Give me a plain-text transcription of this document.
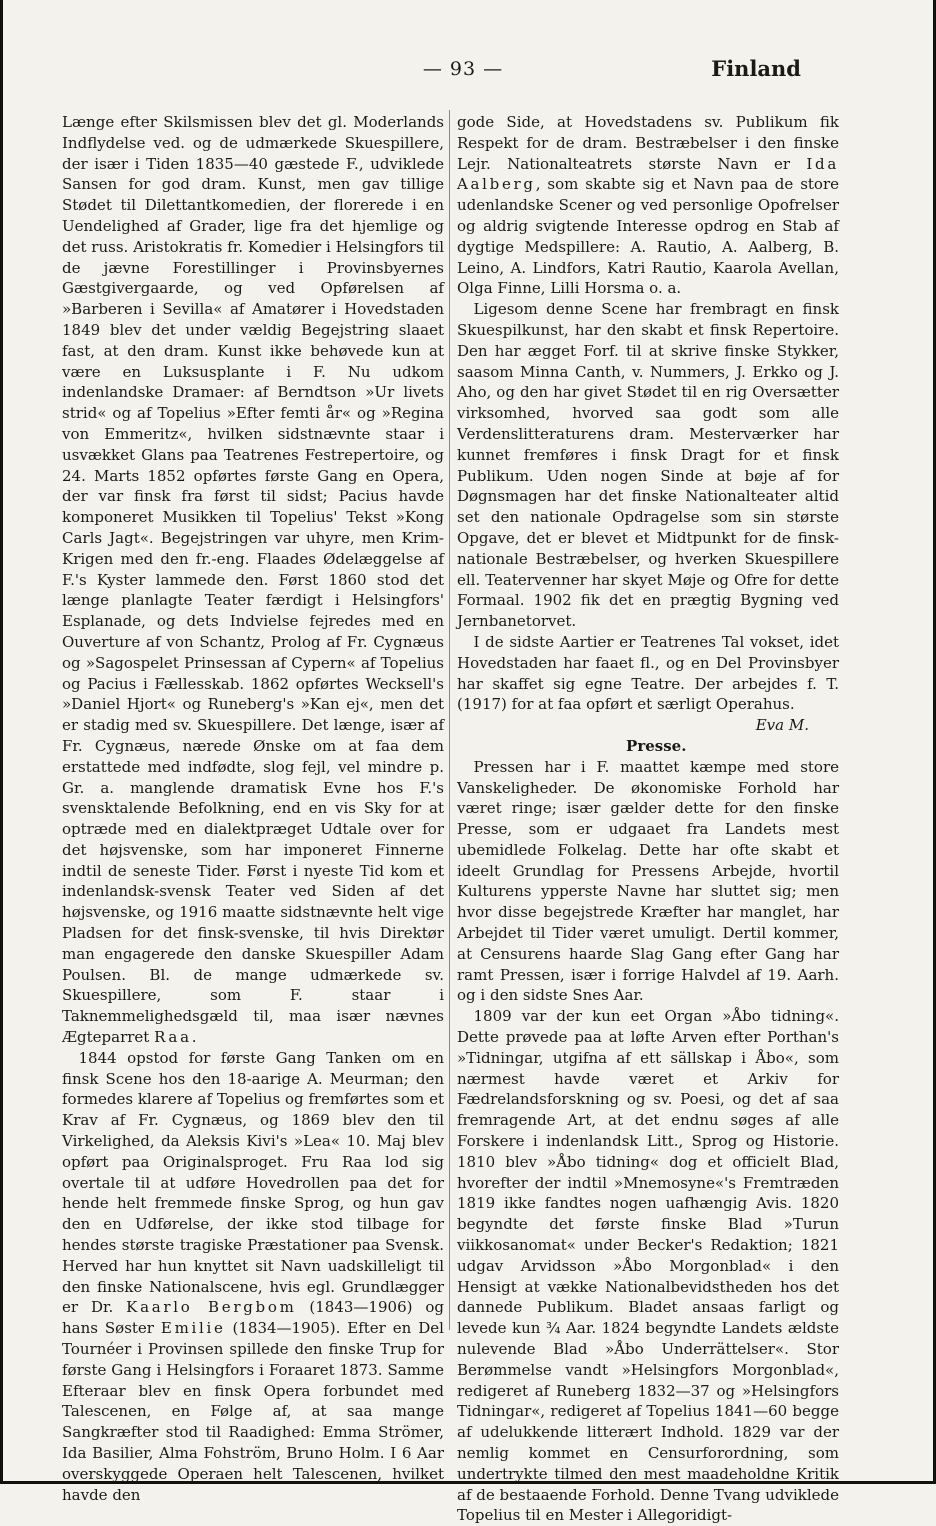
— 93 —	Finland

Længe efter Skilsmissen blev det gl. Moderlands Indflydelse ved. og de udmærkede Skuespillere, der især i Tiden 1835—40 gæstede F., udviklede Sansen for god dram. Kunst, men gav tillige Stødet til Dilettantkomedien, der florerede i en Uendelighed af Grader, lige fra det hjemlige og det russ. Aristokratis fr. Komedier i Helsingfors til de jævne Forestillinger i Provinsbyernes Gæstgivergaarde, og ved Opførelsen af »Barberen i Sevilla« af Amatører i Hovedstaden 1849 blev det under vældig Begejstring slaaet fast, at den dram. Kunst ikke behøvede kun at være en Luksusplante i F. Nu udkom indenlandske Dramaer: af Berndtson »Ur livets strid« og af Topelius »Efter femti år« og »Regina von Emmeritz«, hvilken sidstnævnte staar i usvækket Glans paa Teatrenes Festrepertoire, og 24. Marts 1852 opførtes første Gang en Opera, der var finsk fra først til sidst; Pacius havde komponeret Musikken til Topelius' Tekst »Kong Carls Jagt«. Begejstringen var uhyre, men Krim-Krigen med den fr.-eng. Flaades Ødelæggelse af F.'s Kyster lammede den. Først 1860 stod det længe planlagte Teater færdigt i Helsingfors' Esplanade, og dets Indvielse fejredes med en Ouverture af von Schantz, Prolog af Fr. Cygnæus og »Sagospelet Prinsessan af Cypern« af Topelius og Pacius i Fællesskab. 1862 opførtes Wecksell's »Daniel Hjort« og Runeberg's »Kan ej«, men det er stadig med sv. Skuespillere. Det længe, især af Fr. Cygnæus, nærede Ønske om at faa dem erstattede med indfødte, slog fejl, vel mindre p. Gr. a. manglende dramatisk Evne hos F.'s svensktalende Befolkning, end en vis Sky for at optræde med en dialektpræget Udtale over for det højsvenske, som har imponeret Finnerne indtil de seneste Tider. Først i nyeste Tid kom et indenlandsk-svensk Teater ved Siden af det højsvenske, og 1916 maatte sidstnævnte helt vige Pladsen for det finsk-svenske, til hvis Direktør man engagerede den danske Skuespiller Adam Poulsen. Bl. de mange udmærkede sv. Skuespillere, som F. staar i Taknemmelighedsgæld til, maa især nævnes Ægteparret Raa.

1844 opstod for første Gang Tanken om en finsk Scene hos den 18-aarige A. Meurman; den formedes klarere af Topelius og fremførtes som et Krav af Fr. Cygnæus, og 1869 blev den til Virkelighed, da Aleksis Kivi's »Lea« 10. Maj blev opført paa Originalsproget. Fru Raa lod sig overtale til at udføre Hovedrollen paa det for hende helt fremmede finske Sprog, og hun gav den en Udførelse, der ikke stod tilbage for hendes største tragiske Præstationer paa Svensk. Herved har hun knyttet sit Navn uadskilleligt til den finske Nationalscene, hvis egl. Grundlægger er Dr. Kaarlo Bergbom (1843—1906) og hans Søster Emilie (1834—1905). Efter en Del Tournéer i Provinsen spillede den finske Trup for første Gang i Helsingfors i Foraaret 1873. Samme Efteraar blev en finsk Opera forbundet med Talescenen, en Følge af, at saa mange Sangkræfter stod til Raadighed: Emma Strömer, Ida Basilier, Alma Fohström, Bruno Holm. I 6 Aar overskyggede Operaen helt Talescenen, hvilket havde den

gode Side, at Hovedstadens sv. Publikum fik Respekt for de dram. Bestræbelser i den finske Lejr. Nationalteatrets største Navn er Ida Aalberg, som skabte sig et Navn paa de store udenlandske Scener og ved personlige Opofrelser og aldrig svigtende Interesse opdrog en Stab af dygtige Medspillere: A. Rautio, A. Aalberg, B. Leino, A. Lindfors, Katri Rautio, Kaarola Avellan, Olga Finne, Lilli Horsma o. a.

Ligesom denne Scene har frembragt en finsk Skuespilkunst, har den skabt et finsk Repertoire. Den har ægget Forf. til at skrive finske Stykker, saasom Minna Canth, v. Nummers, J. Erkko og J. Aho, og den har givet Stødet til en rig Oversætter virksomhed, hvorved saa godt som alle Verdenslitteraturens dram. Mesterværker har kunnet fremføres i finsk Dragt for et finsk Publikum. Uden nogen Sinde at bøje af for Døgnsmagen har det finske Nationalteater altid set den nationale Opdragelse som sin største Opgave, det er blevet et Midtpunkt for de finsk-nationale Bestræbelser, og hverken Skuespillere ell. Teatervenner har skyet Møje og Ofre for dette Formaal. 1902 fik det en prægtig Bygning ved Jernbanetorvet.

I de sidste Aartier er Teatrenes Tal vokset, idet Hovedstaden har faaet fl., og en Del Provinsbyer har skaffet sig egne Teatre. Der arbejdes f. T. (1917) for at faa opført et særligt Operahus.
Eva M.

Presse.

Pressen har i F. maattet kæmpe med store Vanskeligheder. De økonomiske Forhold har været ringe; især gælder dette for den finske Presse, som er udgaaet fra Landets mest ubemidlede Folkelag. Dette har ofte skabt et ideelt Grundlag for Pressens Arbejde, hvortil Kulturens ypperste Navne har sluttet sig; men hvor disse begejstrede Kræfter har manglet, har Arbejdet til Tider været umuligt. Dertil kommer, at Censurens haarde Slag Gang efter Gang har ramt Pressen, især i forrige Halvdel af 19. Aarh. og i den sidste Snes Aar.

1809 var der kun eet Organ »Åbo tidning«. Dette prøvede paa at løfte Arven efter Porthan's »Tidningar, utgifna af ett sällskap i Åbo«, som nærmest havde været et Arkiv for Fædrelandsforskning og sv. Poesi, og det af saa fremragende Art, at det endnu søges af alle Forskere i indenlandsk Litt., Sprog og Historie. 1810 blev »Åbo tidning« dog et officielt Blad, hvorefter der indtil »Mnemosyne«'s Fremtræden 1819 ikke fandtes nogen uafhængig Avis. 1820 begyndte det første finske Blad »Turun viikkosanomat« under Becker's Redaktion; 1821 udgav Arvidsson »Åbo Morgonblad« i den Hensigt at vække Nationalbevidstheden hos det dannede Publikum. Bladet ansaas farligt og levede kun ¾ Aar. 1824 begyndte Landets ældste nulevende Blad »Åbo Underrättelser«. Stor Berømmelse vandt »Helsingfors Morgonblad«, redigeret af Runeberg 1832—37 og »Helsingfors Tidningar«, redigeret af Topelius 1841—60 begge af udelukkende litterært Indhold. 1829 var der nemlig kommet en Censurforordning, som undertrykte tilmed den mest maadeholdne Kritik af de bestaaende Forhold. Denne Tvang udviklede Topelius til en Mester i Allegoridigt-
